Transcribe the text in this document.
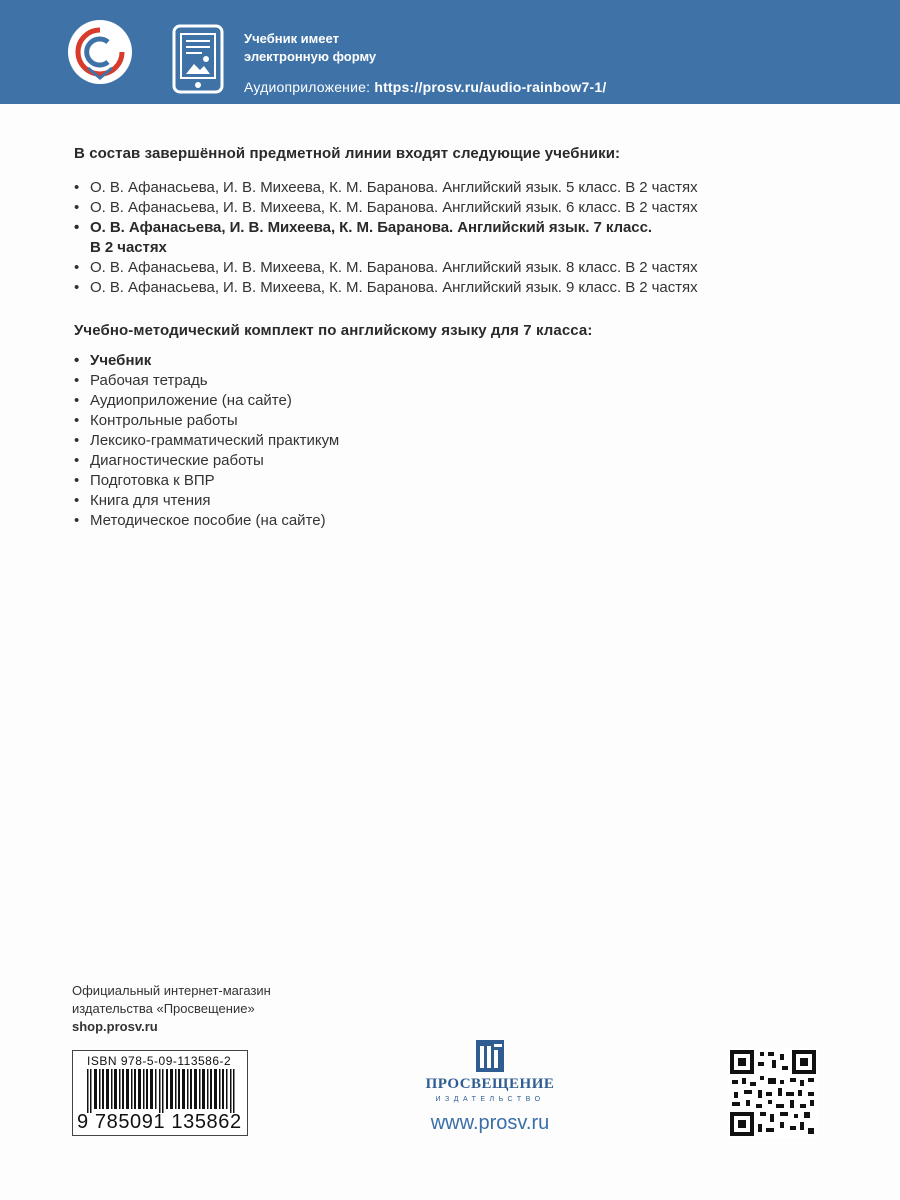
Учебник имеет
электронную форму
Аудиоприложение: https://prosv.ru/audio-rainbow7-1/
В состав завершённой предметной линии входят следующие учебники:
• О. В. Афанасьева, И. В. Михеева, К. М. Баранова. Английский язык. 5 класс. В 2 частях
• О. В. Афанасьева, И. В. Михеева, К. М. Баранова. Английский язык. 6 класс. В 2 частях
• О. В. Афанасьева, И. В. Михеева, К. М. Баранова. Английский язык. 7 класс.
В 2 частях
• О. В. Афанасьева, И. В. Михеева, К. М. Баранова. Английский язык. 8 класс. В 2 частях
• О. В. Афанасьева, И. В. Михеева, К. М. Баранова. Английский язык. 9 класс. В 2 частях
Учебно-методический комплект по английскому языку для 7 класса:
• Учебник
• Рабочая тетрадь
• Аудиоприложение (на сайте)
• Контрольные работы
• Лексико-грамматический практикум
• Диагностические работы
• Подготовка к ВПР
• Книга для чтения
• Методическое пособие (на сайте)
Официальный интернет-магазин
издательства «Просвещение»
shop.prosv.ru
ISBN 978-5-09-113586-2
9 785091 135862
ПРОСВЕЩЕНИЕ
ИЗДАТЕЛЬСТВО
www.prosv.ru
